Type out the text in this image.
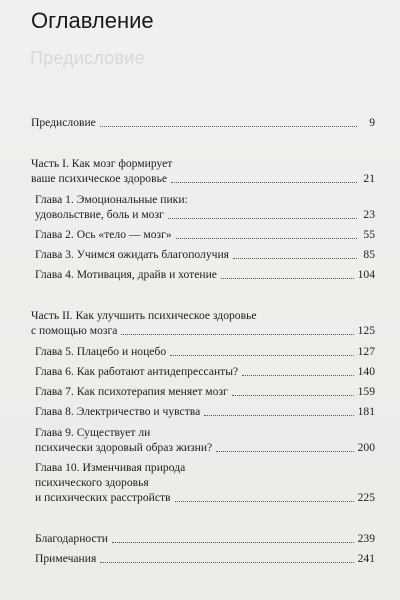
Предисловие
Оглавление
Предисловие	9
Часть I. Как мозг формирует
ваше психическое здоровье	21
Глава 1. Эмоциональные пики:
удовольствие, боль и мозг	23
Глава 2. Ось «тело — мозг»	55
Глава 3. Учимся ожидать благополучия	85
Глава 4. Мотивация, драйв и хотение	104
Часть II. Как улучшить психическое здоровье
с помощью мозга	125
Глава 5. Плацебо и ноцебо	127
Глава 6. Как работают антидепрессанты?	140
Глава 7. Как психотерапия меняет мозг	159
Глава 8. Электричество и чувства	181
Глава 9. Существует ли
психически здоровый образ жизни?	200
Глава 10. Изменчивая природа
психического здоровья
и психических расстройств	225
Благодарности	239
Примечания	241
